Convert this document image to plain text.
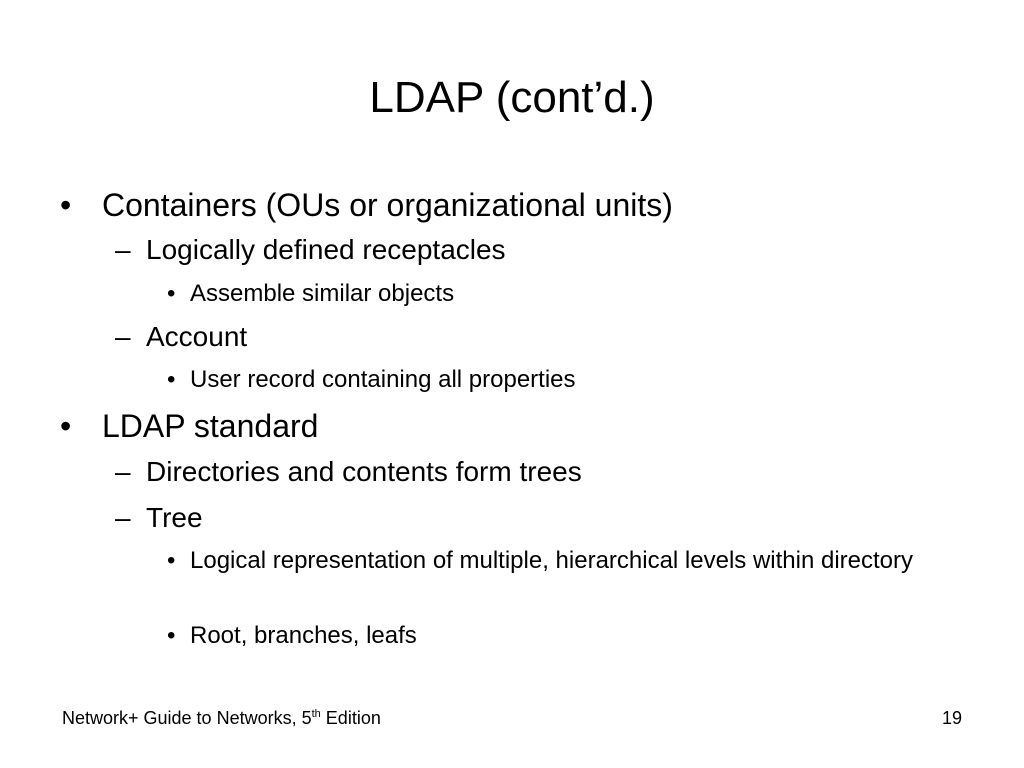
LDAP (cont’d.)
• Containers (OUs or organizational units)
– Logically defined receptacles
• Assemble similar objects
– Account
• User record containing all properties
• LDAP standard
– Directories and contents form trees
– Tree
• Logical representation of multiple, hierarchical levels within directory
• Root, branches, leafs
Network+ Guide to Networks, 5th Edition	19
